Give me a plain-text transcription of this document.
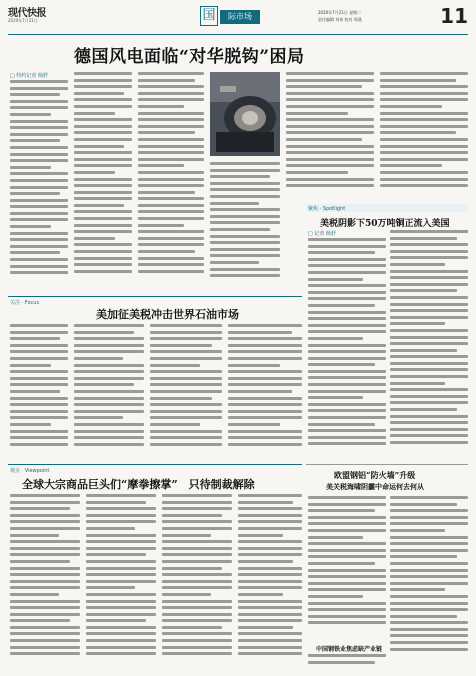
现代快报
2020年7月21日	国	际市场	2020年7月21日 星期二
责任编辑 刘泰 校对 邢燕	11
德国风电面临“对华脱钩”困局
□ 特约记者 杨舒
聚焦 · Spotlight
美税阴影下50万吨铜正流入美国
□ 记者 杨舒
关注 · Focus
美加征美税冲击世界石油市场
欧盟钢铝“防火墙”升级
美关税海啸阴霾中命运何去何从
观点 · Viewpoint
全球大宗商品巨头们“摩拳擦掌”　只待制裁解除
中国钢铁业焦虑缺产业链
